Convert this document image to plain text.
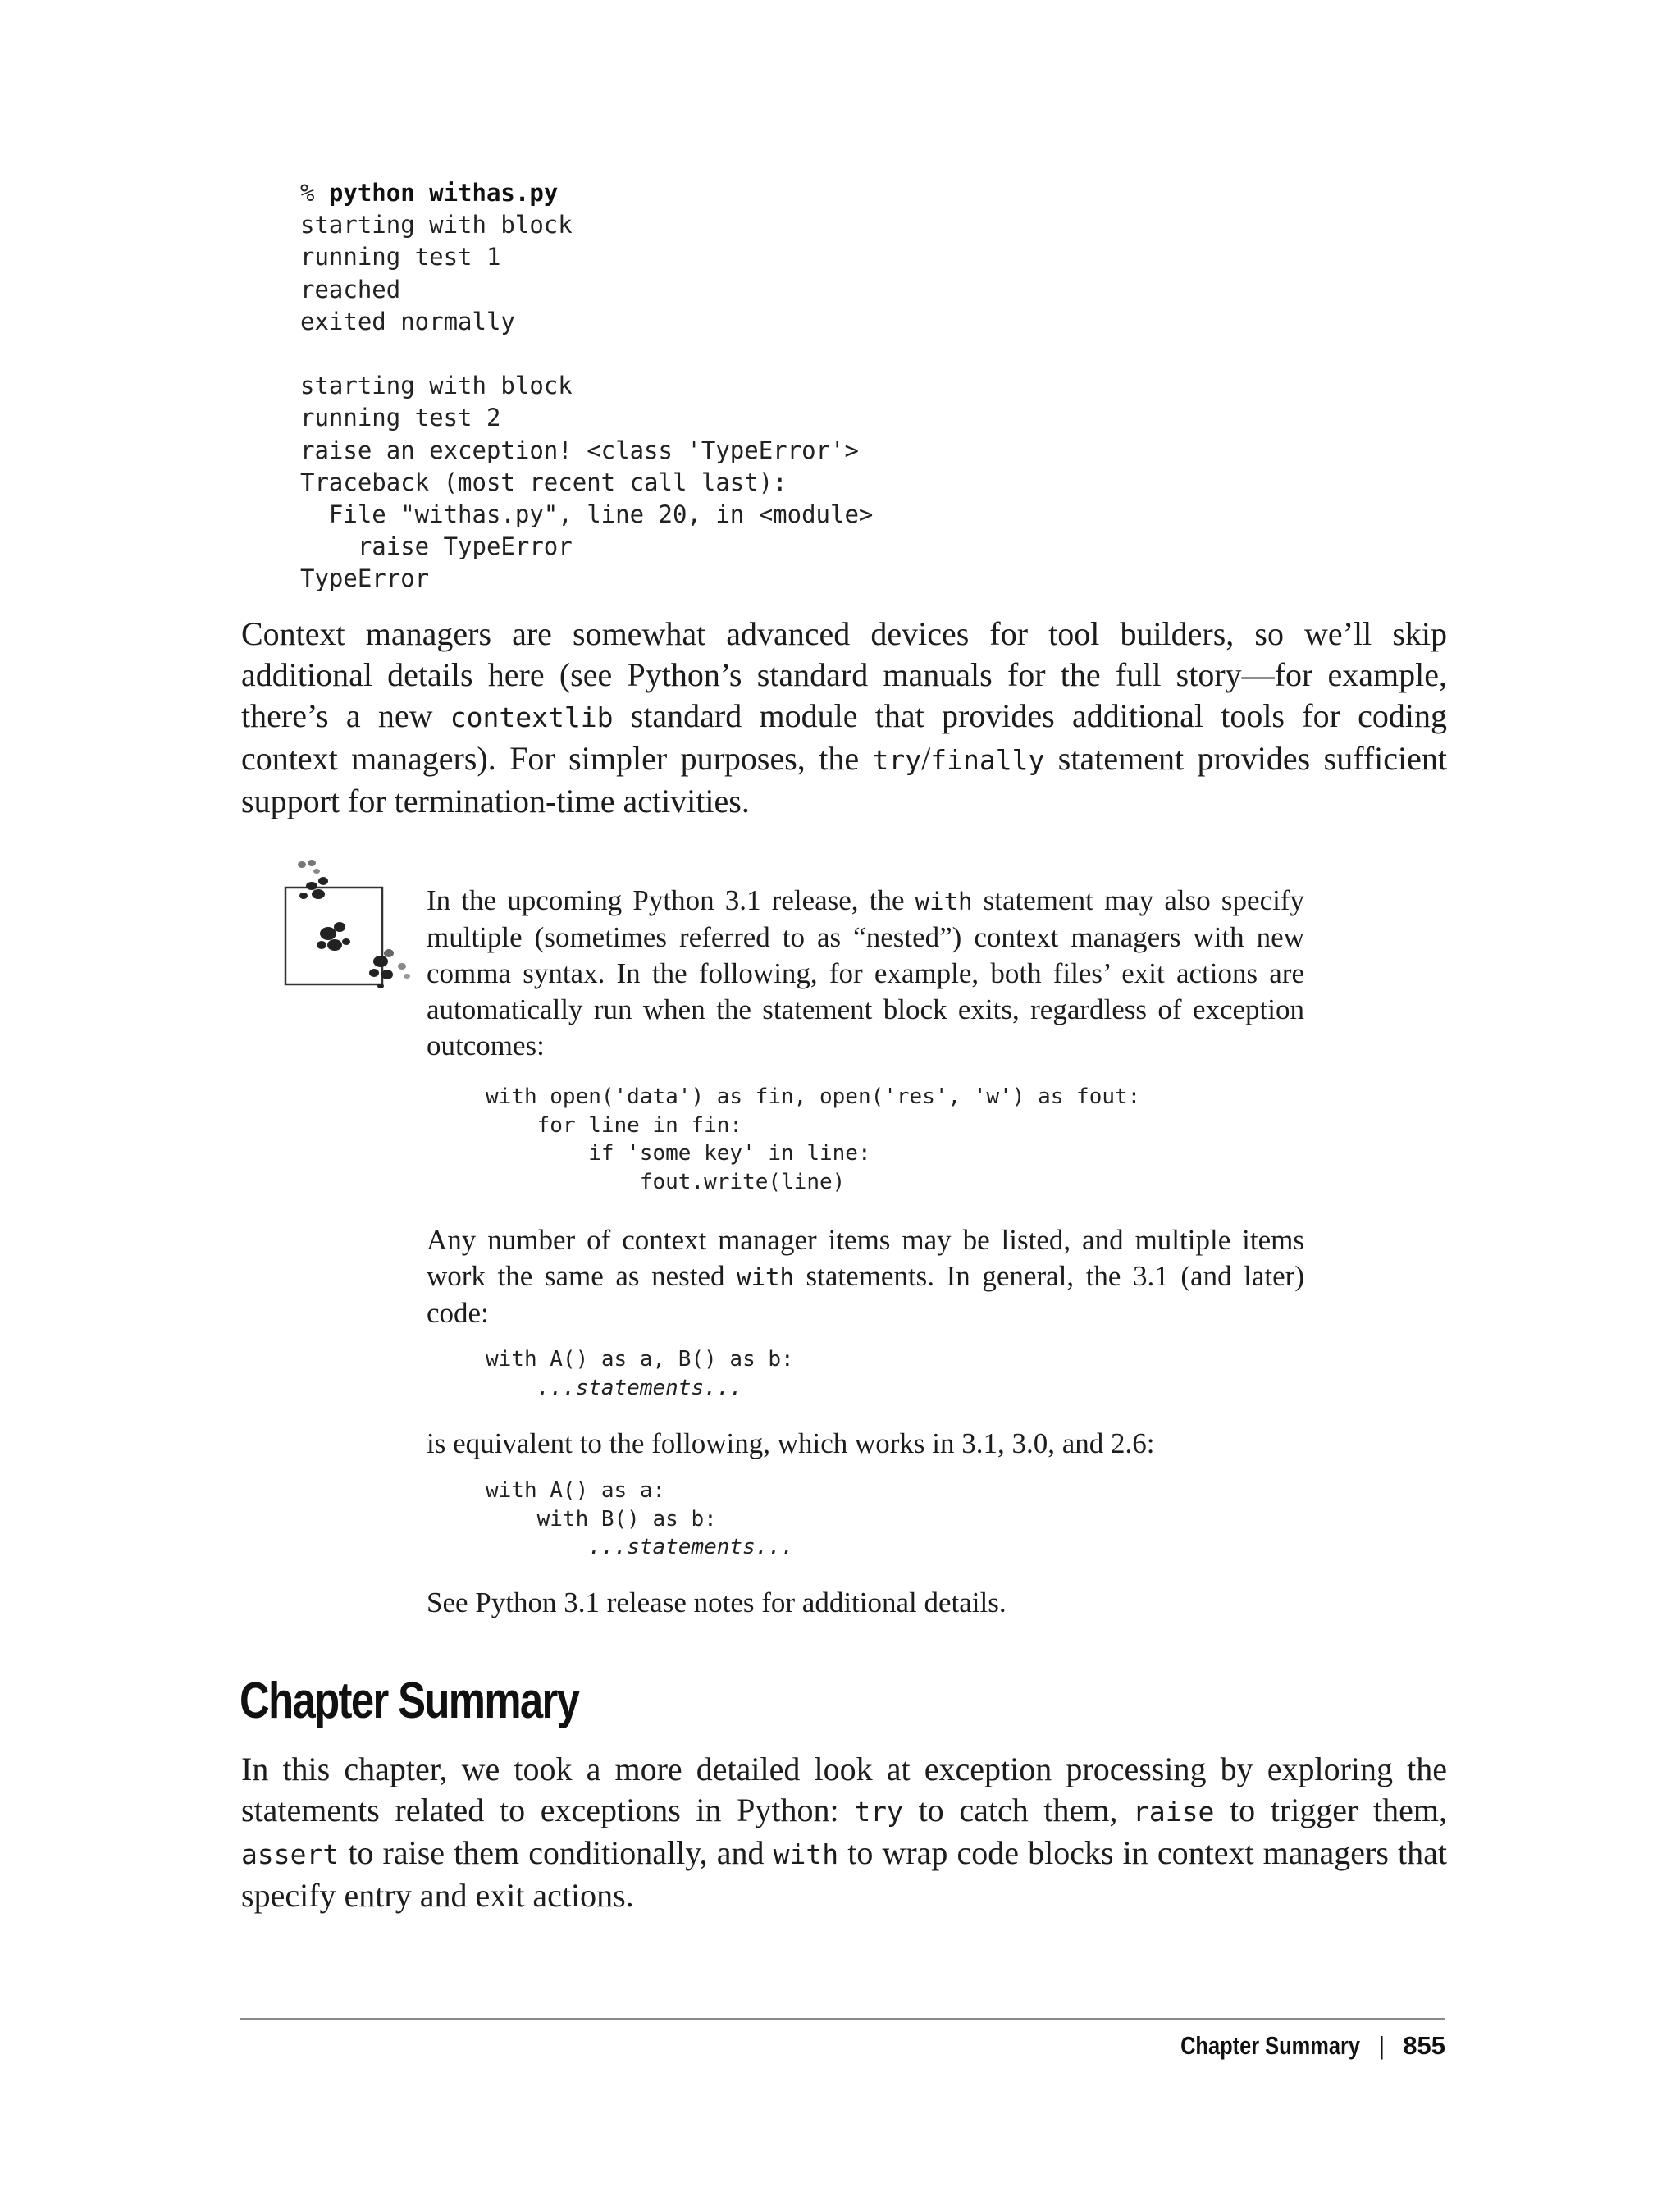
% python withas.py
starting with block
running test 1
reached
exited normally

starting with block
running test 2
raise an exception! <class 'TypeError'>
Traceback (most recent call last):
File "withas.py", line 20, in <module>
raise TypeError
TypeError

Context managers are somewhat advanced devices for tool builders, so we’ll skip additional details here (see Python’s standard manuals for the full story—for example, there’s a new contextlib standard module that provides additional tools for coding context managers). For simpler purposes, the try/finally statement provides sufficient support for termination-time activities.

In the upcoming Python 3.1 release, the with statement may also specify multiple (sometimes referred to as “nested”) context managers with new comma syntax. In the following, for example, both files’ exit actions are automatically run when the statement block exits, regardless of exception outcomes:

with open('data') as fin, open('res', 'w') as fout:
for line in fin:
if 'some key' in line:
fout.write(line)

Any number of context manager items may be listed, and multiple items work the same as nested with statements. In general, the 3.1 (and later) code:

with A() as a, B() as b:
...statements...

is equivalent to the following, which works in 3.1, 3.0, and 2.6:

with A() as a:
with B() as b:
...statements...

See Python 3.1 release notes for additional details.

Chapter Summary

In this chapter, we took a more detailed look at exception processing by exploring the statements related to exceptions in Python: try to catch them, raise to trigger them, assert to raise them conditionally, and with to wrap code blocks in context managers that specify entry and exit actions.

Chapter Summary | 855
